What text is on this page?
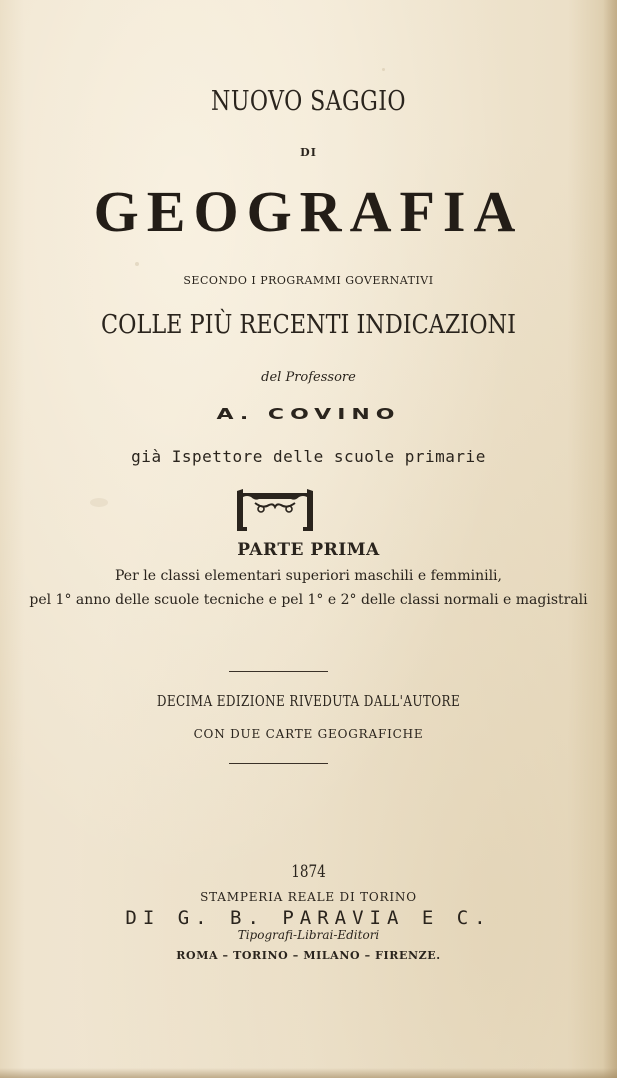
NUOVO SAGGIO
DI
GEOGRAFIA
SECONDO I PROGRAMMI GOVERNATIVI
COLLE PIÙ RECENTI INDICAZIONI
del Professore
A. COVINO
già Ispettore delle scuole primarie
PARTE PRIMA
Per le classi elementari superiori maschili e femminili,
pel 1° anno delle scuole tecniche e pel 1° e 2° delle classi normali e magistrali
DECIMA EDIZIONE RIVEDUTA DALL'AUTORE
CON DUE CARTE GEOGRAFICHE
1874
STAMPERIA REALE DI TORINO
DI G. B. PARAVIA E C.
Tipografi-Librai-Editori
ROMA – TORINO – MILANO – FIRENZE.
